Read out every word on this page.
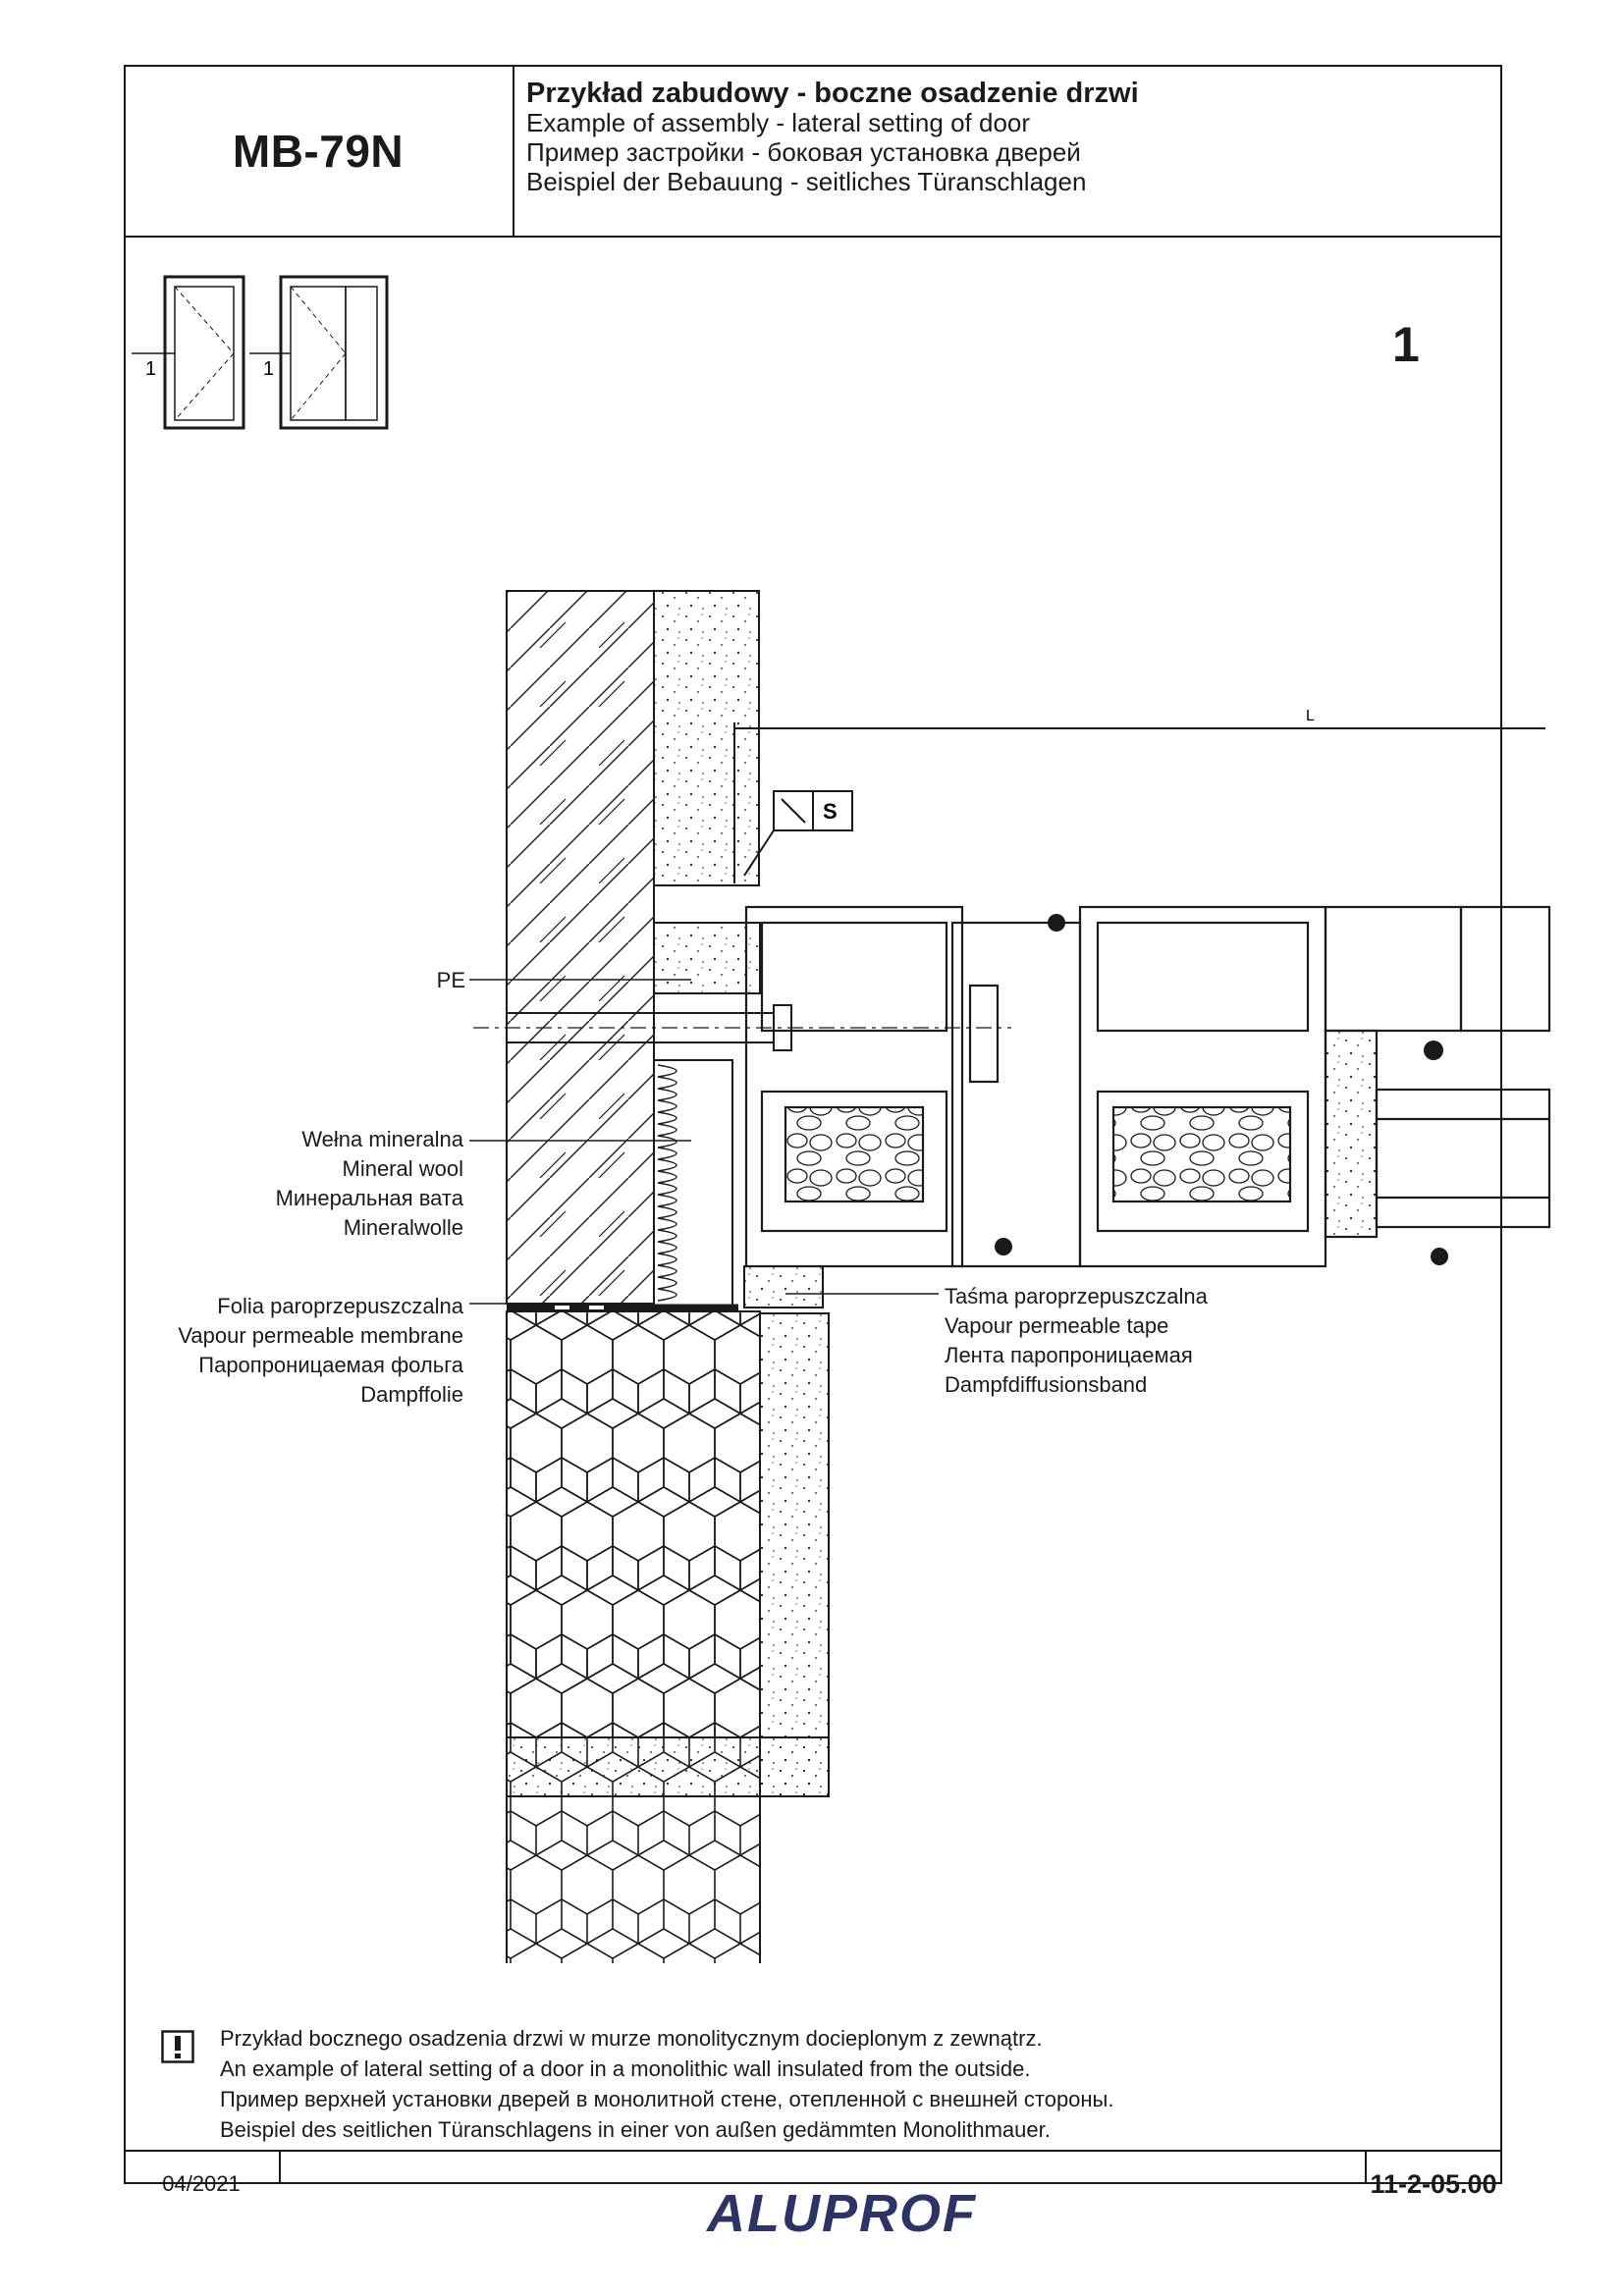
MB-79N
Przykład zabudowy - boczne osadzenie drzwi
Example of assembly - lateral setting of door
Пример застройки - боковая установка дверей
Beispiel der Bebauung - seitliches Türanschlagen
1	1	1
L
S
PE
Wełna mineralna
Mineral wool
Минеральная вата
Mineralwolle
Folia paroprzepuszczalna
Vapour permeable membrane
Паропроницаемая фольга
Dampffolie
Taśma paroprzepuszczalna
Vapour permeable tape
Лента паропроницаемая
Dampfdiffusionsband
Przykład bocznego osadzenia drzwi w murze monolitycznym docieplonym z zewnątrz.
An example of lateral setting of a door in a monolithic wall insulated from the outside.
Пример верхней установки дверей в монолитной стене, отепленной с внешней стороны.
Beispiel des seitlichen Türanschlagens in einer von außen gedämmten Monolithmauer.
04/2021
ALUPROF
11-2-05.00
